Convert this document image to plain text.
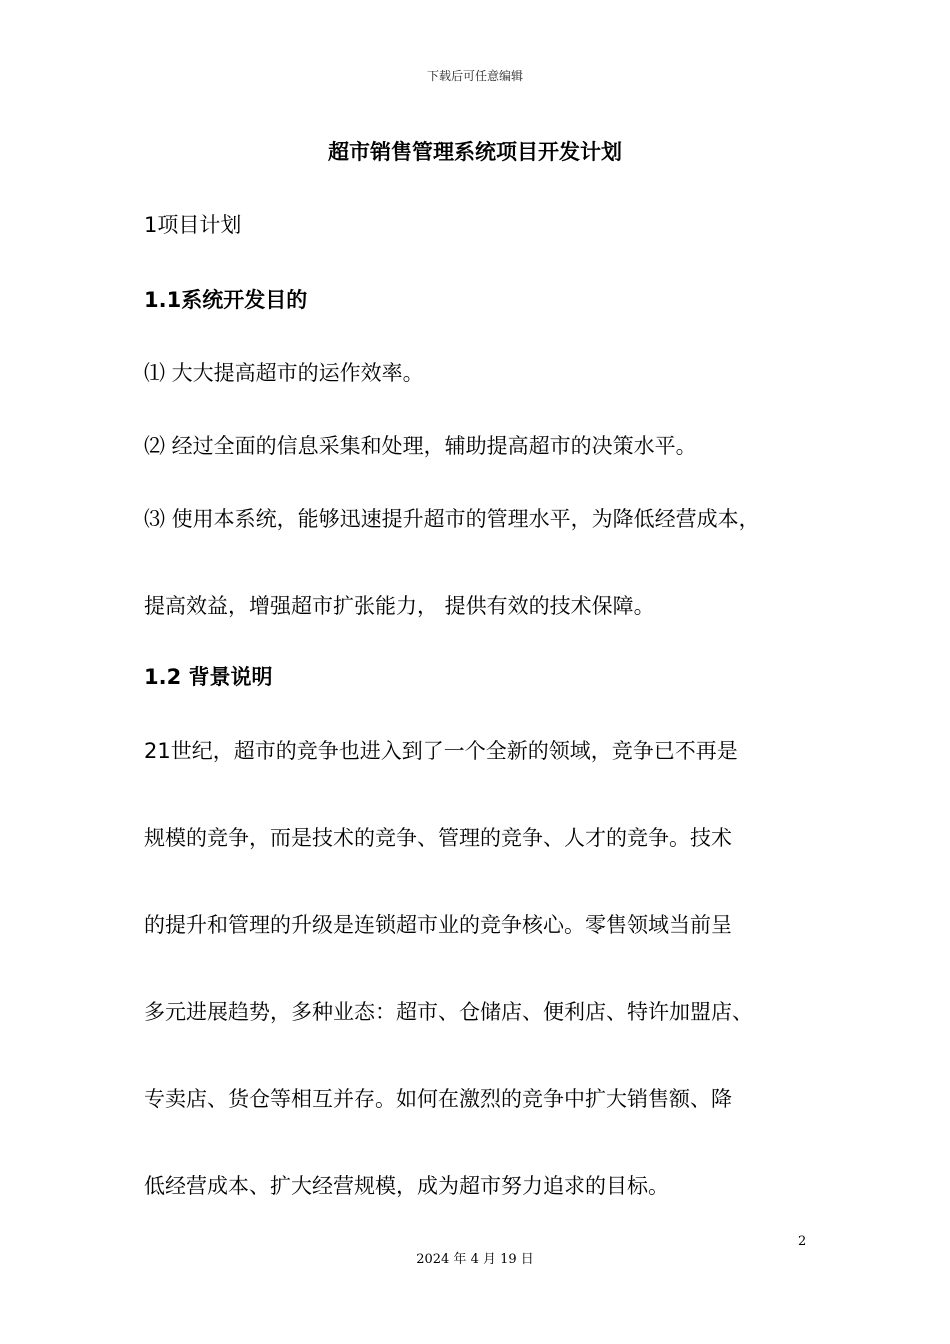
下载后可任意编辑
超市销售管理系统项目开发计划
1项目计划
1.1系统开发目的
⑴ 大大提高超市的运作效率。
⑵ 经过全面的信息采集和处理，辅助提高超市的决策水平。
⑶ 使用本系统，能够迅速提升超市的管理水平，为降低经营成本，
提高效益，增强超市扩张能力， 提供有效的技术保障。
1.2 背景说明
21世纪，超市的竞争也进入到了一个全新的领域，竞争已不再是
规模的竞争，而是技术的竞争、管理的竞争、人才的竞争。技术
的提升和管理的升级是连锁超市业的竞争核心。零售领域当前呈
多元进展趋势，多种业态：超市、仓储店、便利店、特许加盟店、
专卖店、货仓等相互并存。如何在激烈的竞争中扩大销售额、降
低经营成本、扩大经营规模，成为超市努力追求的目标。
2
2024 年 4 月 19 日
